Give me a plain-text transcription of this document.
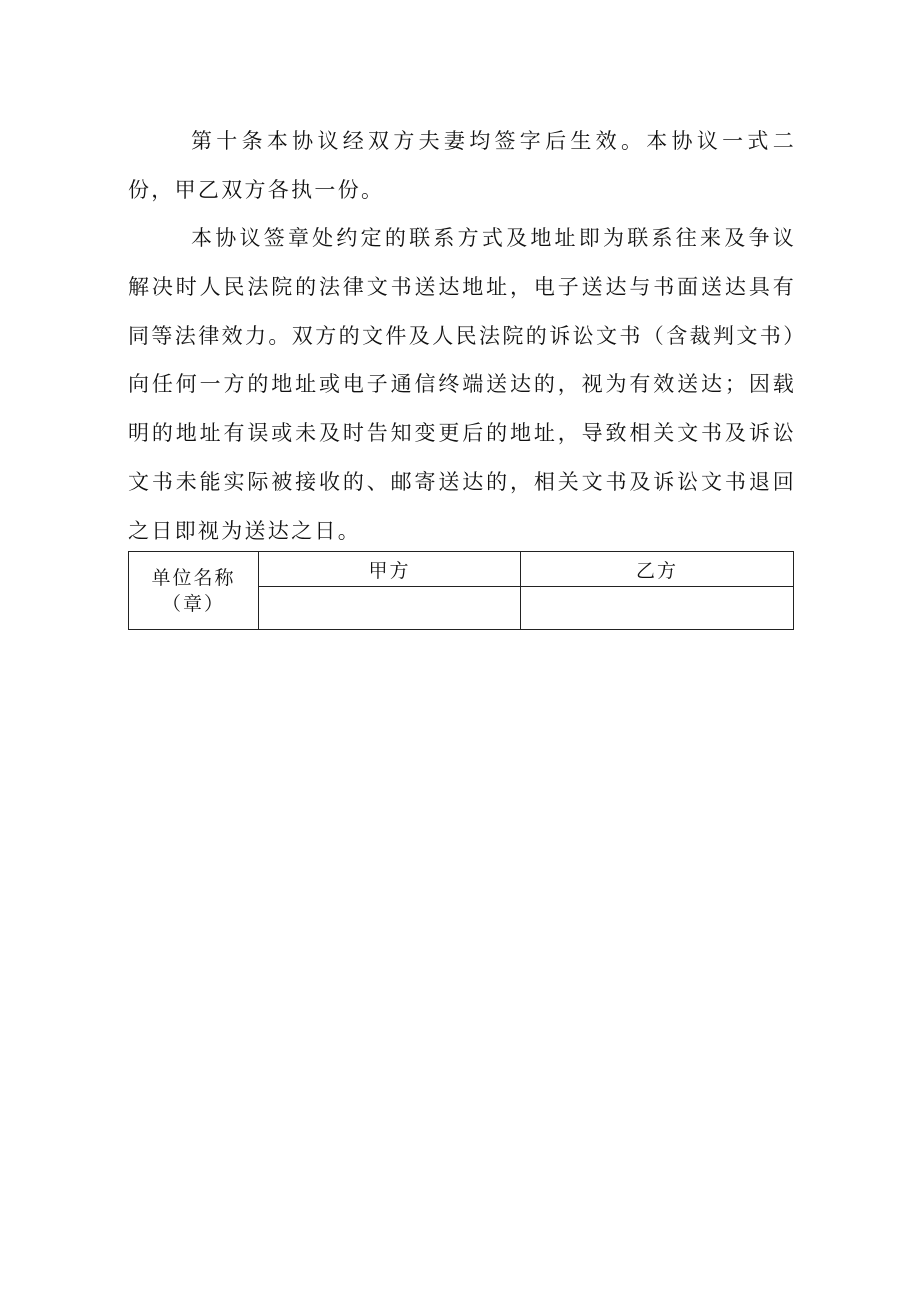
第十条本协议经双方夫妻均签字后生效。本协议一式二份，甲乙双方各执一份。

本协议签章处约定的联系方式及地址即为联系往来及争议解决时人民法院的法律文书送达地址，电子送达与书面送达具有同等法律效力。双方的文件及人民法院的诉讼文书（含裁判文书）向任何一方的地址或电子通信终端送达的，视为有效送达；因载明的地址有误或未及时告知变更后的地址，导致相关文书及诉讼文书未能实际被接收的、邮寄送达的，相关文书及诉讼文书退回之日即视为送达之日。

单位名称
（章）	甲方	乙方
